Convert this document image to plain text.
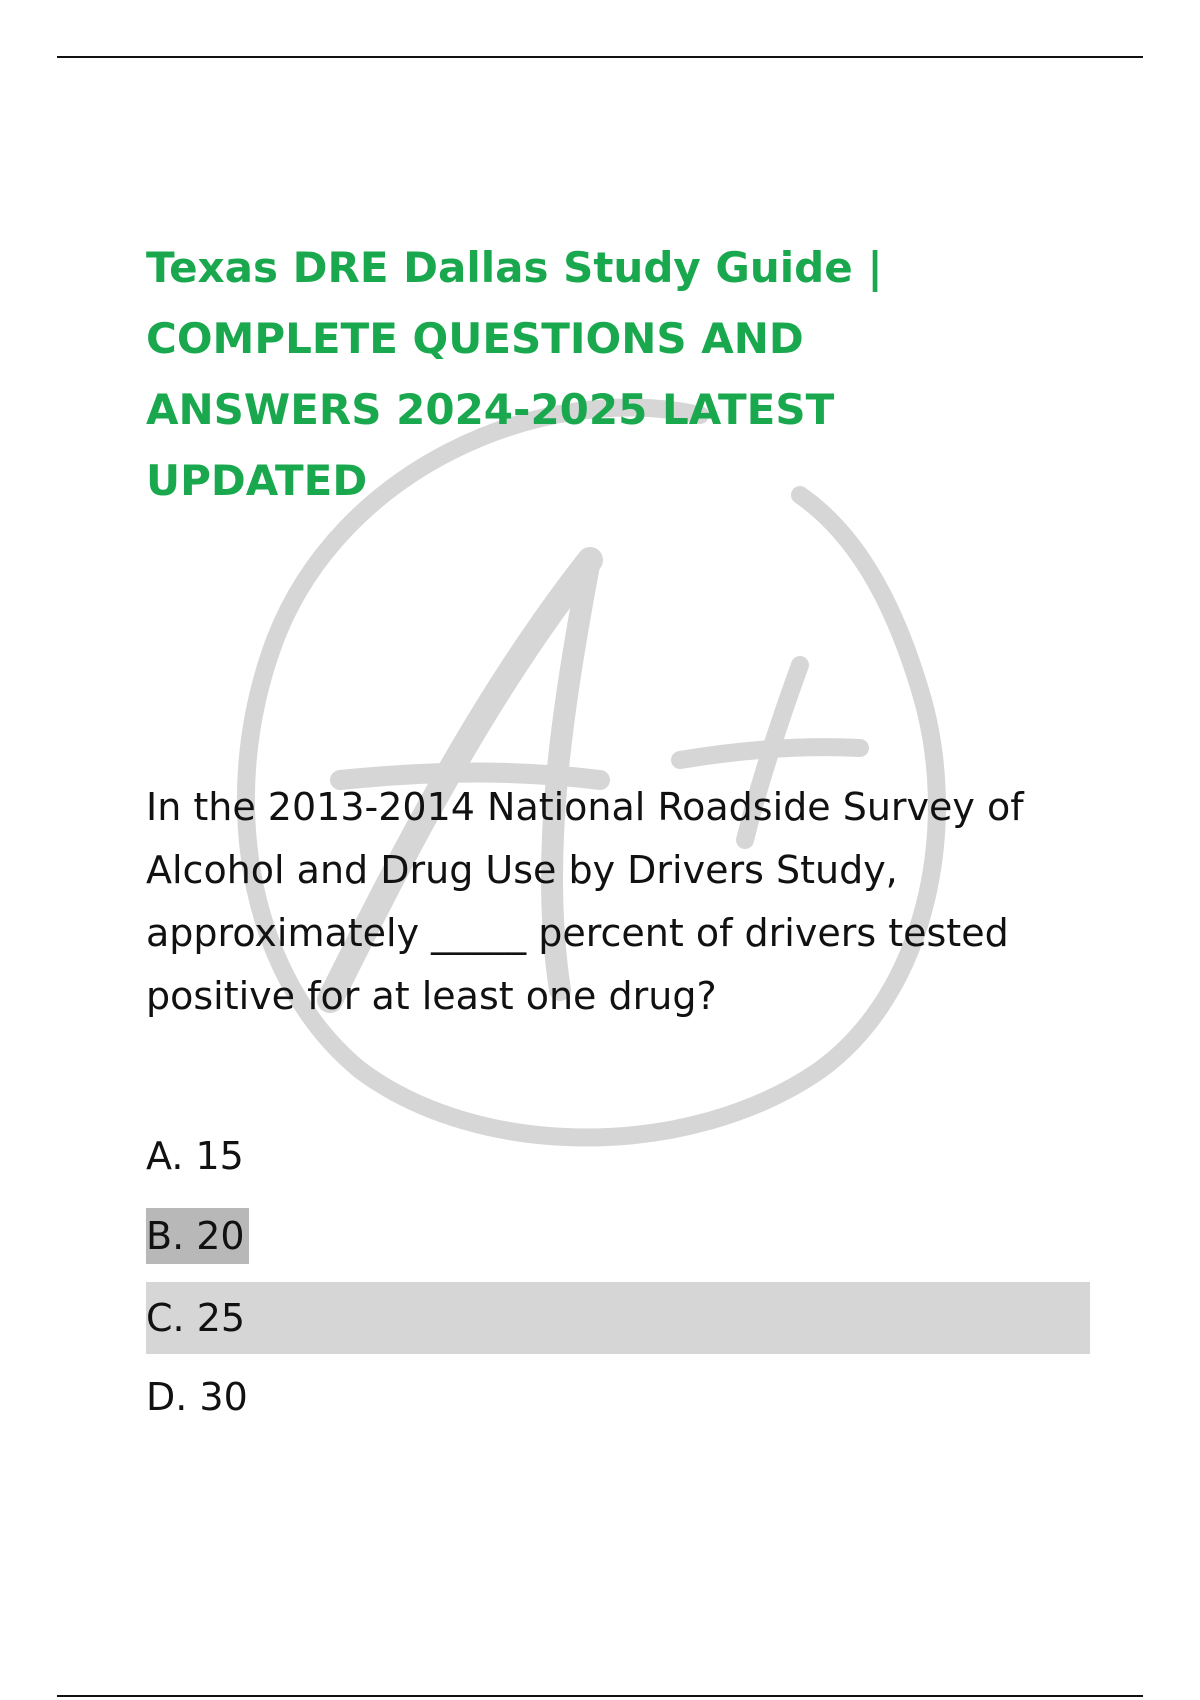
Texas DRE Dallas Study Guide | COMPLETE QUESTIONS AND ANSWERS 2024-2025 LATEST UPDATED

In the 2013-2014 National Roadside Survey of Alcohol and Drug Use by Drivers Study, approximately _____ percent of drivers tested positive for at least one drug?

A. 15
B. 20
C. 25
D. 30
